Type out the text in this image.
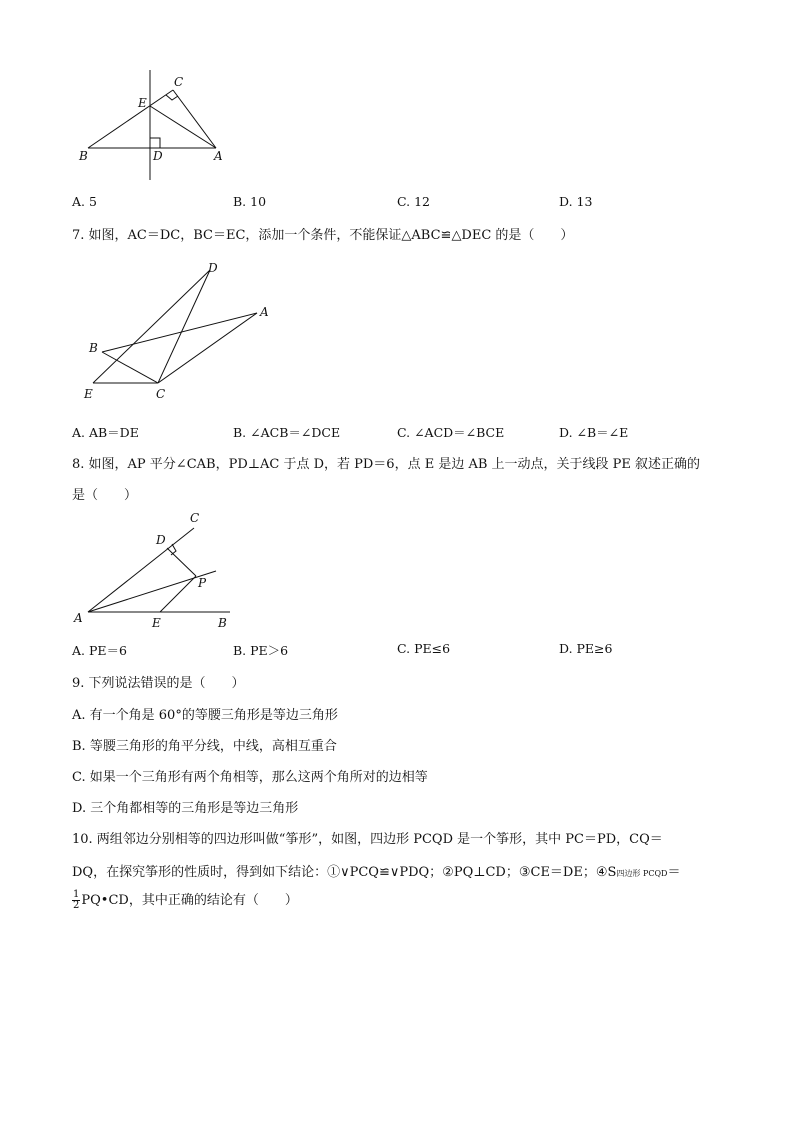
C
E
B	D	A
A. 5	B. 10	C. 12	D. 13
7. 如图，AC＝DC，BC＝EC，添加一个条件，不能保证△ABC≌△DEC 的是（　　）
D
A
B
E	C
A. AB＝DE	B. ∠ACB＝∠DCE	C. ∠ACD＝∠BCE	D. ∠B＝∠E
8. 如图，AP 平分∠CAB，PD⊥AC 于点 D，若 PD＝6，点 E 是边 AB 上一动点，关于线段 PE 叙述正确的
是（　　）
C
D
P
A	E	B
A. PE＝6	B. PE＞6	C. PE≤6	D. PE≥6
9. 下列说法错误的是（　　）
A. 有一个角是 60°的等腰三角形是等边三角形
B. 等腰三角形的角平分线，中线，高相互重合
C. 如果一个三角形有两个角相等，那么这两个角所对的边相等
D. 三个角都相等的三角形是等边三角形
10. 两组邻边分别相等的四边形叫做“筝形”，如图，四边形 PCQD 是一个筝形，其中 PC＝PD，CQ＝
DQ，在探究筝形的性质时，得到如下结论：①∨PCQ≌∨PDQ；②PQ⊥CD；③CE＝DE；④S四边形 PCQD＝
$\frac{1}{2}$ PQ•CD，其中正确的结论有（　　）
